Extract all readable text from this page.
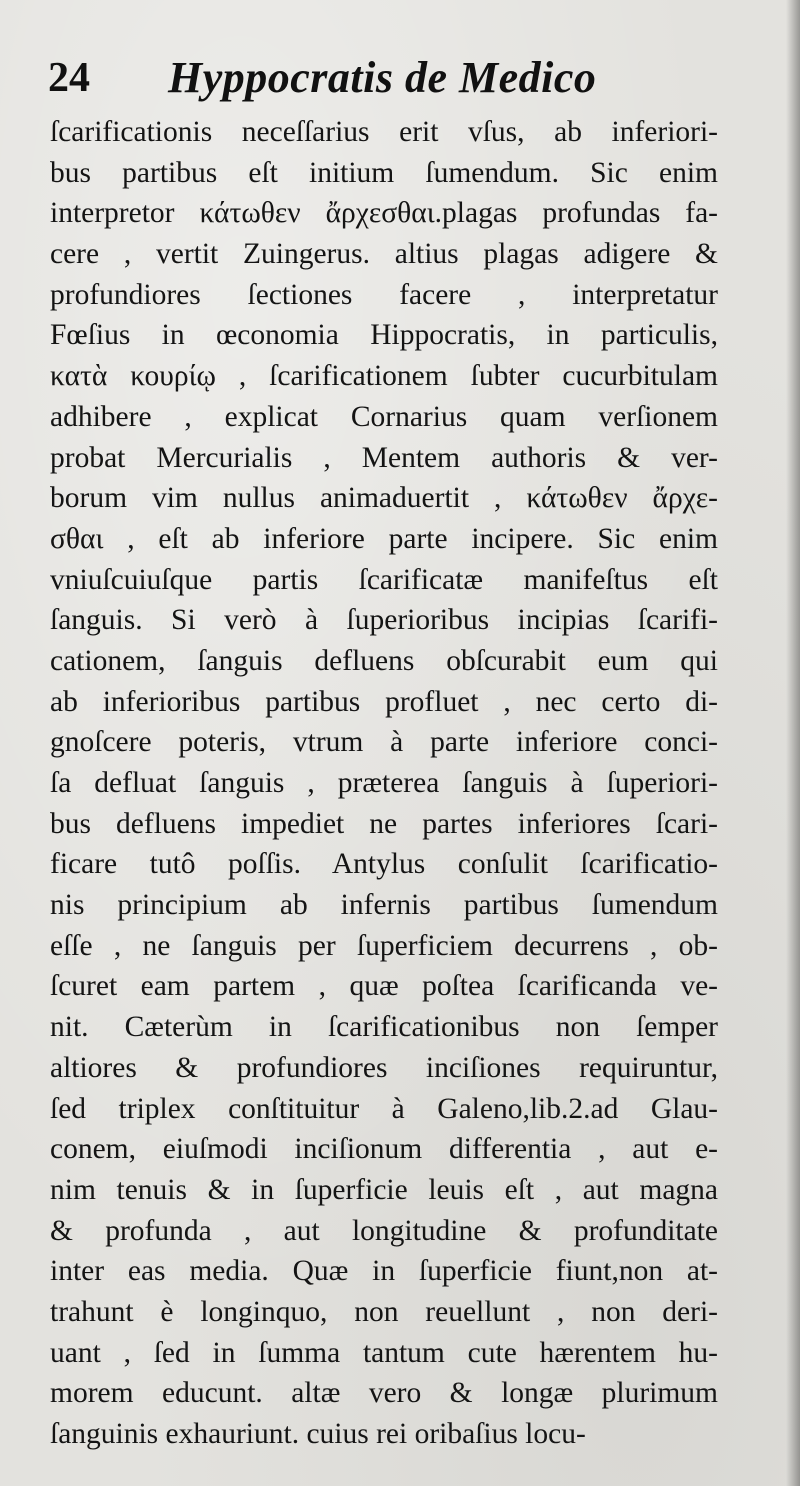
24 Hyppocratis de Medico
ſcarificationis neceſſarius erit vſus, ab inferiori-
bus partibus eſt initium ſumendum. Sic enim
interpretor κάτωθεν ἄρχεσθαι.plagas profundas fa-
cere , vertit Zuingerus. altius plagas adigere &
profundiores ſectiones facere , interpretatur
Fœſius in œconomia Hippocratis, in particulis,
κατὰ κουρίῳ , ſcarificationem ſubter cucurbitulam
adhibere , explicat Cornarius quam verſionem
probat Mercurialis , Mentem authoris & ver-
borum vim nullus animaduertit , κάτωθεν ἄρχε-
σθαι , eſt ab inferiore parte incipere. Sic enim
vniuſcuiuſque partis ſcarificatæ manifeſtus eſt
ſanguis. Si verò à ſuperioribus incipias ſcarifi-
cationem, ſanguis defluens obſcurabit eum qui
ab inferioribus partibus profluet , nec certo di-
gnoſcere poteris, vtrum à parte inferiore conci-
ſa defluat ſanguis , præterea ſanguis à ſuperiori-
bus defluens impediet ne partes inferiores ſcari-
ficare tutô poſſis. Antylus conſulit ſcarificatio-
nis principium ab infernis partibus ſumendum
eſſe , ne ſanguis per ſuperficiem decurrens , ob-
ſcuret eam partem , quæ poſtea ſcarificanda ve-
nit. Cæterùm in ſcarificationibus non ſemper
altiores & profundiores inciſiones requiruntur,
ſed triplex conſtituitur à Galeno,lib.2.ad Glau-
conem, eiuſmodi inciſionum differentia , aut e-
nim tenuis & in ſuperficie leuis eſt , aut magna
& profunda , aut longitudine & profunditate
inter eas media. Quæ in ſuperficie fiunt,non at-
trahunt è longinquo, non reuellunt , non deri-
uant , ſed in ſumma tantum cute hærentem hu-
morem educunt. altæ vero & longæ plurimum
ſanguinis exhauriunt. cuius rei oribaſius locu-
